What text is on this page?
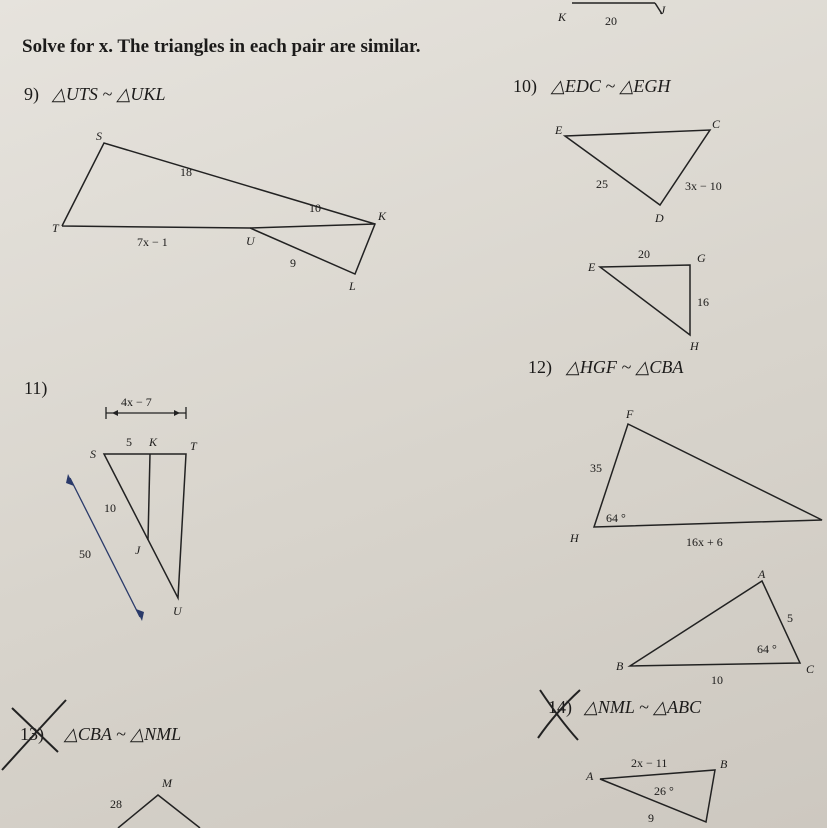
K	20
J
Solve for x. The triangles in each pair are similar.
9) △UTS ~ △UKL
S
T
U
K
L
18
7x − 1
10
9
10) △EDC ~ △EGH
E	C
D
25	3x − 10
E
G
H
20
16
11)
4x − 7
S
K	T
J
U
5
10
50
12) △HGF ~ △CBA
F
H
35
64 °
16x + 6
A
B	C
5
64 °
10
13) △CBA ~ △NML
M
28
14) △NML ~ △ABC
A
B
2x − 11
26 °
9
